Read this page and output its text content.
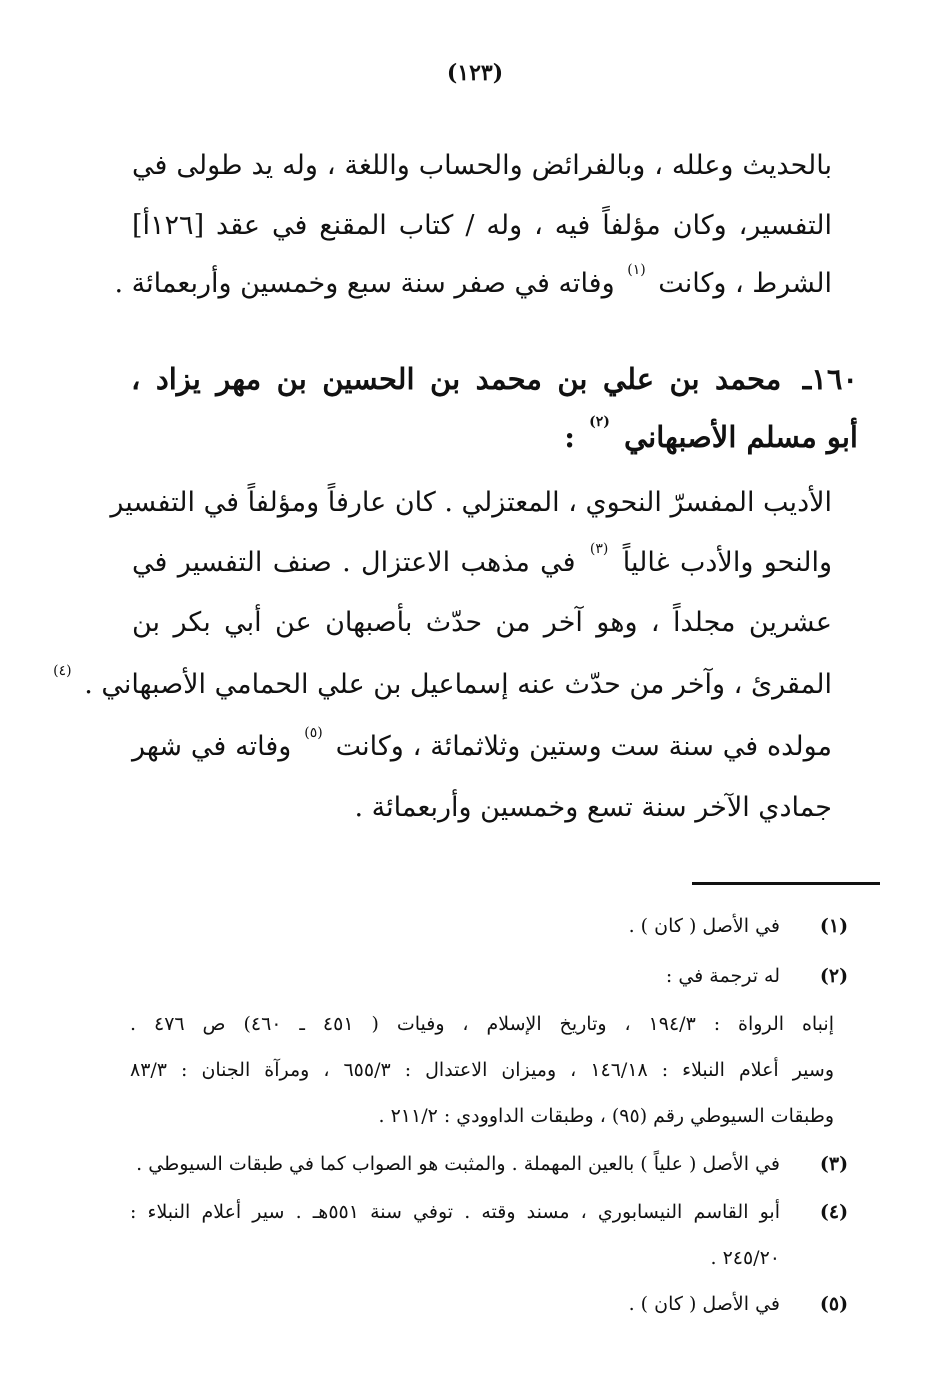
(١٢٣)
بالحديث وعلله ، وبالفرائض والحساب واللغة ، وله يد طولى في
التفسير، وكان مؤلفاً فيه ، وله / كتاب المقنع في عقد [١٢٦أ]
الشرط ، وكانت $^{(١)}$ وفاته في صفر سنة سبع وخمسين وأربعمائة .
١٦٠ـ محمد بن علي بن محمد بن الحسين بن مهر يزاد ،
أبو مسلم الأصبهاني $^{(٢)}$ :
الأديب المفسرّ النحوي ، المعتزلي . كان عارفاً ومؤلفاً في التفسير
والنحو والأدب غالياً $^{(٣)}$ في مذهب الاعتزال . صنف التفسير في
عشرين مجلداً ، وهو آخر من حدّث بأصبهان عن أبي بكر بن
المقرئ ، وآخر من حدّث عنه إسماعيل بن علي الحمامي الأصبهاني . $^{(٤)}$
مولده في سنة ست وستين وثلاثمائة ، وكانت $^{(٥)}$ وفاته في شهر
جمادي الآخر سنة تسع وخمسين وأربعمائة .
(١)
في الأصل ( كان ) .
(٢)
له ترجمة في :
إنباه الرواة : ١٩٤/٣ ، وتاريخ الإسلام ، وفيات ( ٤٥١ ـ ٤٦٠) ص ٤٧٦ .
وسير أعلام النبلاء : ١٤٦/١٨ ، وميزان الاعتدال : ٦٥٥/٣ ، ومرآة الجنان : ٨٣/٣
وطبقات السيوطي رقم (٩٥) ، وطبقات الداوودي : ٢١١/٢ .
(٣)
في الأصل ( علياً ) بالعين المهملة . والمثبت هو الصواب كما في طبقات السيوطي .
(٤)
أبو القاسم النيسابوري ، مسند وقته . توفي سنة ٥٥١هـ . سير أعلام النبلاء :
٢٤٥/٢٠ .
(٥)
في الأصل ( كان ) .
